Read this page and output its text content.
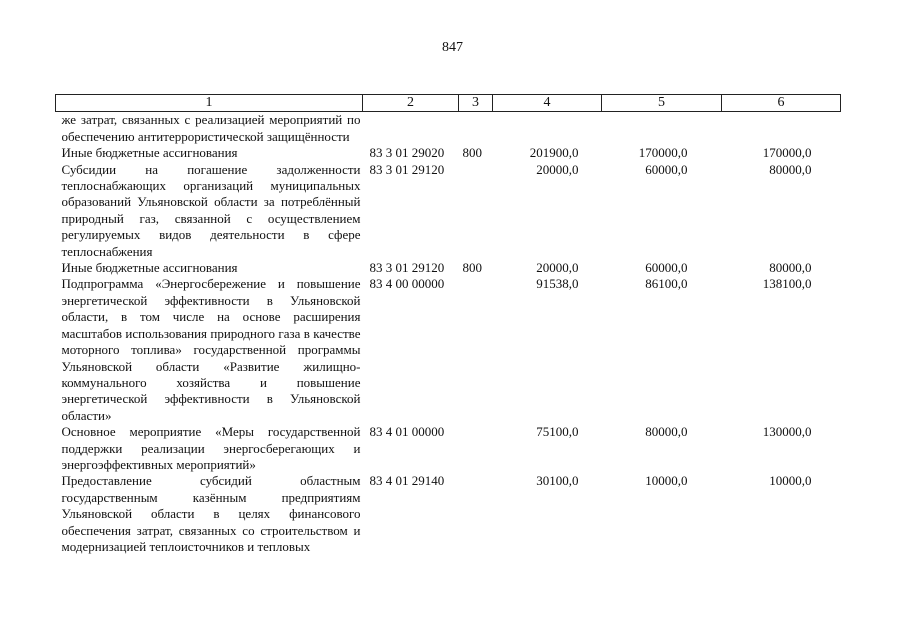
847
1	2	3	4	5	6
же затрат, связанных с реализацией мероприятий по обеспечению антитеррористической защищённости					
Иные бюджетные ассигнования	83 3 01 29020	800	201900,0	170000,0	170000,0
Субсидии на погашение задолженности теплоснабжающих организаций муниципальных образований Ульяновской области за потреблённый природный газ, связанной с осуществлением регулируемых видов деятельности в сфере теплоснабжения	83 3 01 29120		20000,0	60000,0	80000,0
Иные бюджетные ассигнования	83 3 01 29120	800	20000,0	60000,0	80000,0
Подпрограмма «Энергосбережение и повышение энергетической эффективности в Ульяновской области, в том числе на основе расширения масштабов использования природного газа в качестве моторного топлива» государственной программы Ульяновской области «Развитие жилищно-коммунального хозяйства и повышение энергетической эффективности в Ульяновской области»	83 4 00 00000		91538,0	86100,0	138100,0
Основное мероприятие «Меры государственной поддержки реализации энергосберегающих и энергоэффективных мероприятий»	83 4 01 00000		75100,0	80000,0	130000,0
Предоставление субсидий областным государственным казённым предприятиям Ульяновской области в целях финансового обеспечения затрат, связанных со строительством и модернизацией теплоисточников и тепловых	83 4 01 29140		30100,0	10000,0	10000,0
